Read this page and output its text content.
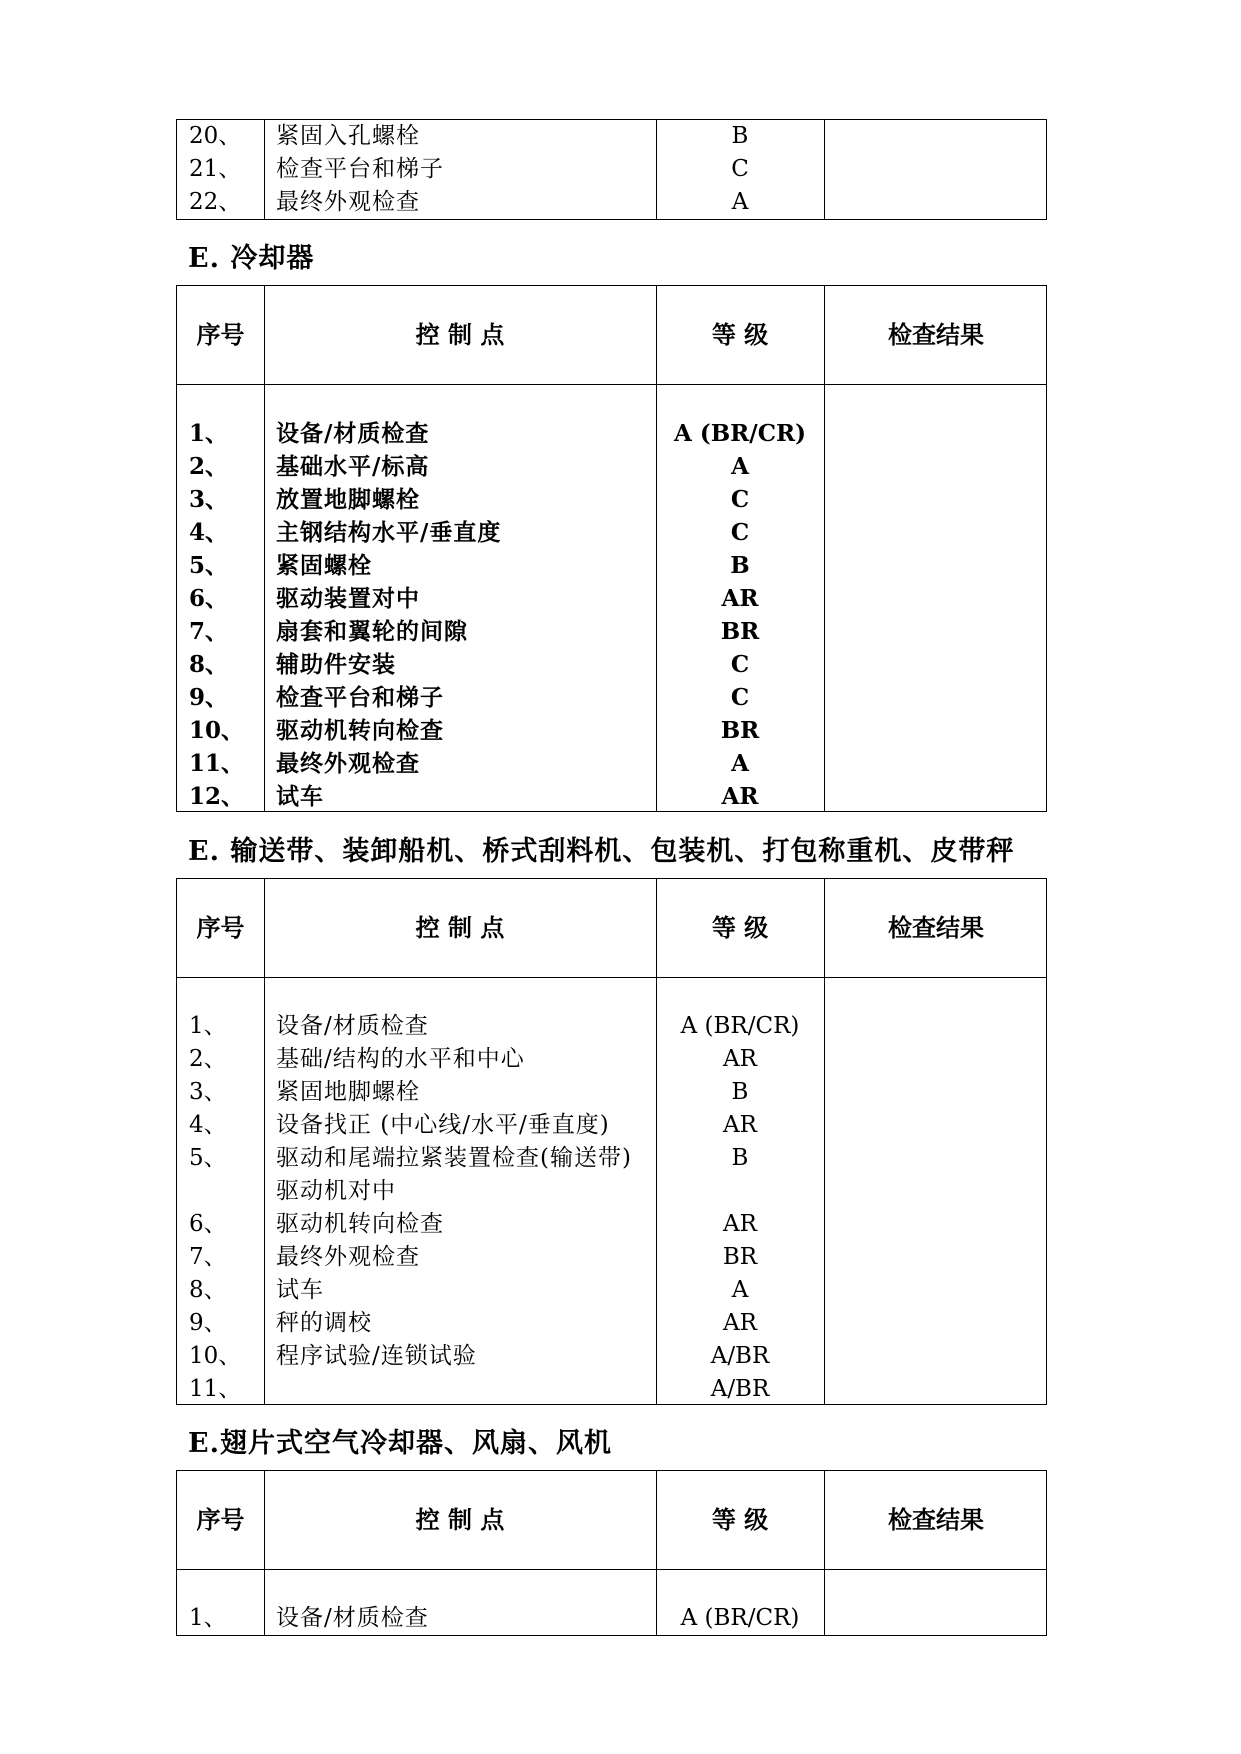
20、 紧固入孔螺栓	B
21、 检查平台和梯子	C
22、 最终外观检查	A
E. 冷却器
序号	控 制 点	等 级	检查结果
1、 设备/材质检查	A (BR/CR)
2、 基础水平/标高	A
3、 放置地脚螺栓	C
4、 主钢结构水平/垂直度	C
5、 紧固螺栓	B
6、 驱动装置对中	AR
7、 扇套和翼轮的间隙	BR
8、 辅助件安装	C
9、 检查平台和梯子	C
10、 驱动机转向检查	BR
11、 最终外观检查	A
12、 试车	AR
E. 输送带、装卸船机、桥式刮料机、包装机、打包称重机、皮带秤
序号	控 制 点	等 级	检查结果
1、 设备/材质检查	A (BR/CR)
2、 基础/结构的水平和中心	AR
3、 紧固地脚螺栓	B
4、 设备找正 (中心线/水平/垂直度)	AR
5、 驱动和尾端拉紧装置检查(输送带)	B
驱动机对中
6、 驱动机转向检查	AR
7、 最终外观检查	BR
8、 试车	A
9、 秤的调校	AR
10、 程序试验/连锁试验	A/BR
11、	A/BR
E.翅片式空气冷却器、风扇、风机
序号	控 制 点	等 级	检查结果
1、 设备/材质检查	A (BR/CR)
